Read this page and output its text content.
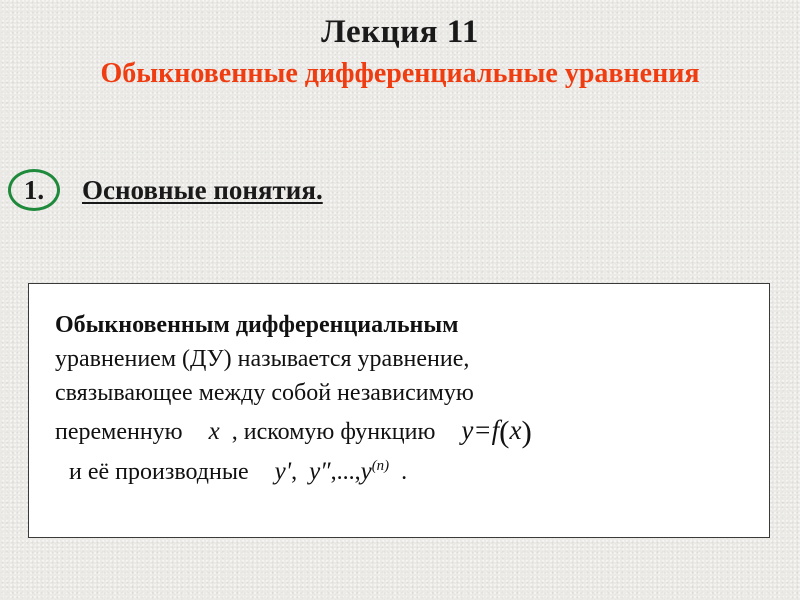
Лекция 11
Обыкновенные дифференциальные уравнения
1.	Основные понятия.
Обыкновенным дифференциальным
уравнением (ДУ) называется уравнение,
связывающее между собой независимую
переменную x , искомую функцию y=f(x)
и её производные y', $y'',...,y^{(n)}$ .
